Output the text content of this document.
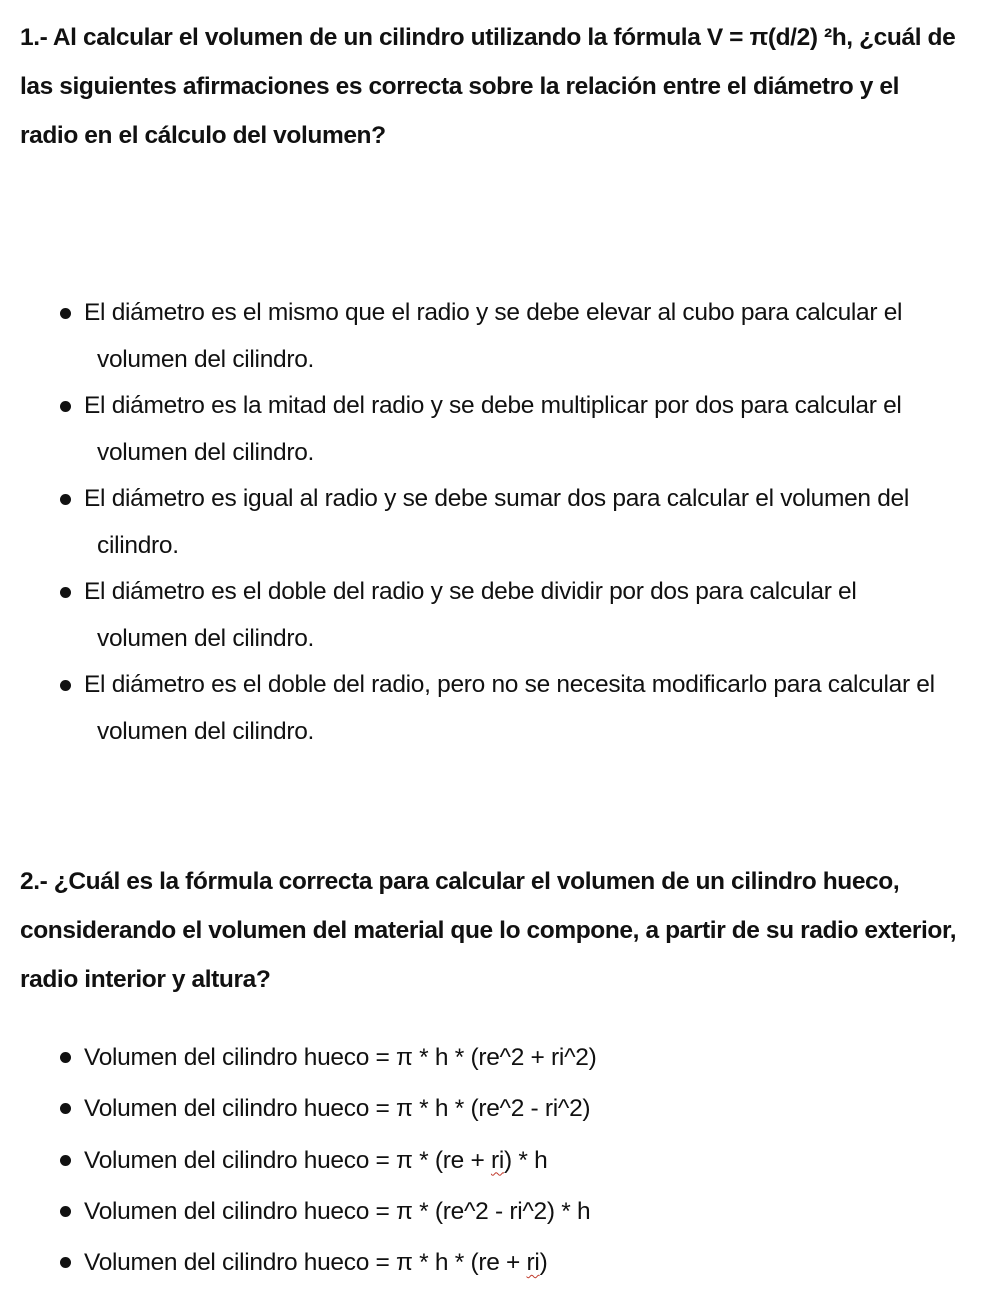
1.- Al calcular el volumen de un cilindro utilizando la fórmula V = π(d/2) ²h, ¿cuál de las siguientes afirmaciones es correcta sobre la relación entre el diámetro y el radio en el cálculo del volumen?

El diámetro es el mismo que el radio y se debe elevar al cubo para calcular el volumen del cilindro.
El diámetro es la mitad del radio y se debe multiplicar por dos para calcular el volumen del cilindro.
El diámetro es igual al radio y se debe sumar dos para calcular el volumen del cilindro.
El diámetro es el doble del radio y se debe dividir por dos para calcular el volumen del cilindro.
El diámetro es el doble del radio, pero no se necesita modificarlo para calcular el volumen del cilindro.

2.- ¿Cuál es la fórmula correcta para calcular el volumen de un cilindro hueco, considerando el volumen del material que lo compone, a partir de su radio exterior, radio interior y altura?

Volumen del cilindro hueco = π * h * (re^2 + ri^2)
Volumen del cilindro hueco = π * h * (re^2 - ri^2)
Volumen del cilindro hueco = π * (re + ri) * h
Volumen del cilindro hueco = π * (re^2 - ri^2) * h
Volumen del cilindro hueco = π * h * (re + ri)
